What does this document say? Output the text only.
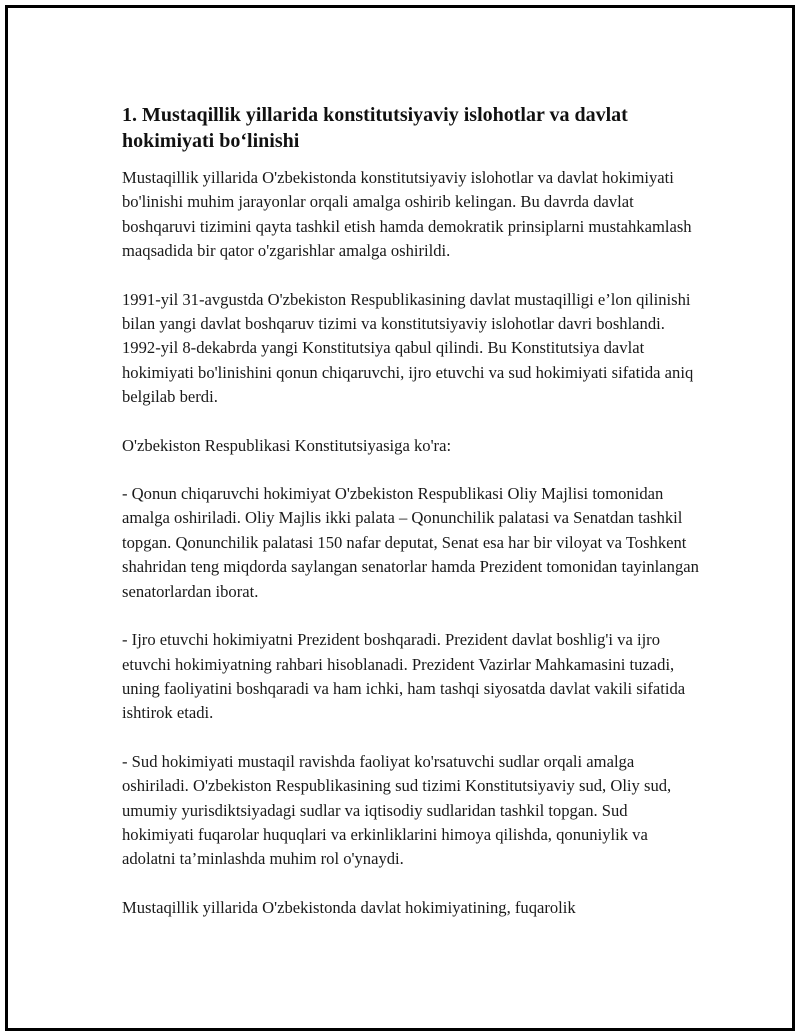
1. Mustaqillik yillarida konstitutsiyaviy islohotlar va davlat hokimiyati bo‘linishi

Mustaqillik yillarida O'zbekistonda konstitutsiyaviy islohotlar va davlat hokimiyati bo'linishi muhim jarayonlar orqali amalga oshirib kelingan. Bu davrda davlat boshqaruvi tizimini qayta tashkil etish hamda demokratik prinsiplarni mustahkamlash maqsadida bir qator o'zgarishlar amalga oshirildi.

1991-yil 31-avgustda O'zbekiston Respublikasining davlat mustaqilligi e’lon qilinishi bilan yangi davlat boshqaruv tizimi va konstitutsiyaviy islohotlar davri boshlandi. 1992-yil 8-dekabrda yangi Konstitutsiya qabul qilindi. Bu Konstitutsiya davlat hokimiyati bo'linishini qonun chiqaruvchi, ijro etuvchi va sud hokimiyati sifatida aniq belgilab berdi.

O'zbekiston Respublikasi Konstitutsiyasiga ko'ra:

- Qonun chiqaruvchi hokimiyat O'zbekiston Respublikasi Oliy Majlisi tomonidan amalga oshiriladi. Oliy Majlis ikki palata – Qonunchilik palatasi va Senatdan tashkil topgan. Qonunchilik palatasi 150 nafar deputat, Senat esa har bir viloyat va Toshkent shahridan teng miqdorda saylangan senatorlar hamda Prezident tomonidan tayinlangan senatorlardan iborat.

- Ijro etuvchi hokimiyatni Prezident boshqaradi. Prezident davlat boshlig'i va ijro etuvchi hokimiyatning rahbari hisoblanadi. Prezident Vazirlar Mahkamasini tuzadi, uning faoliyatini boshqaradi va ham ichki, ham tashqi siyosatda davlat vakili sifatida ishtirok etadi.

- Sud hokimiyati mustaqil ravishda faoliyat ko'rsatuvchi sudlar orqali amalga oshiriladi. O'zbekiston Respublikasining sud tizimi Konstitutsiyaviy sud, Oliy sud, umumiy yurisdiktsiyadagi sudlar va iqtisodiy sudlaridan tashkil topgan. Sud hokimiyati fuqarolar huquqlari va erkinliklarini himoya qilishda, qonuniylik va adolatni ta’minlashda muhim rol o'ynaydi.

Mustaqillik yillarida O'zbekistonda davlat hokimiyatining, fuqarolik
